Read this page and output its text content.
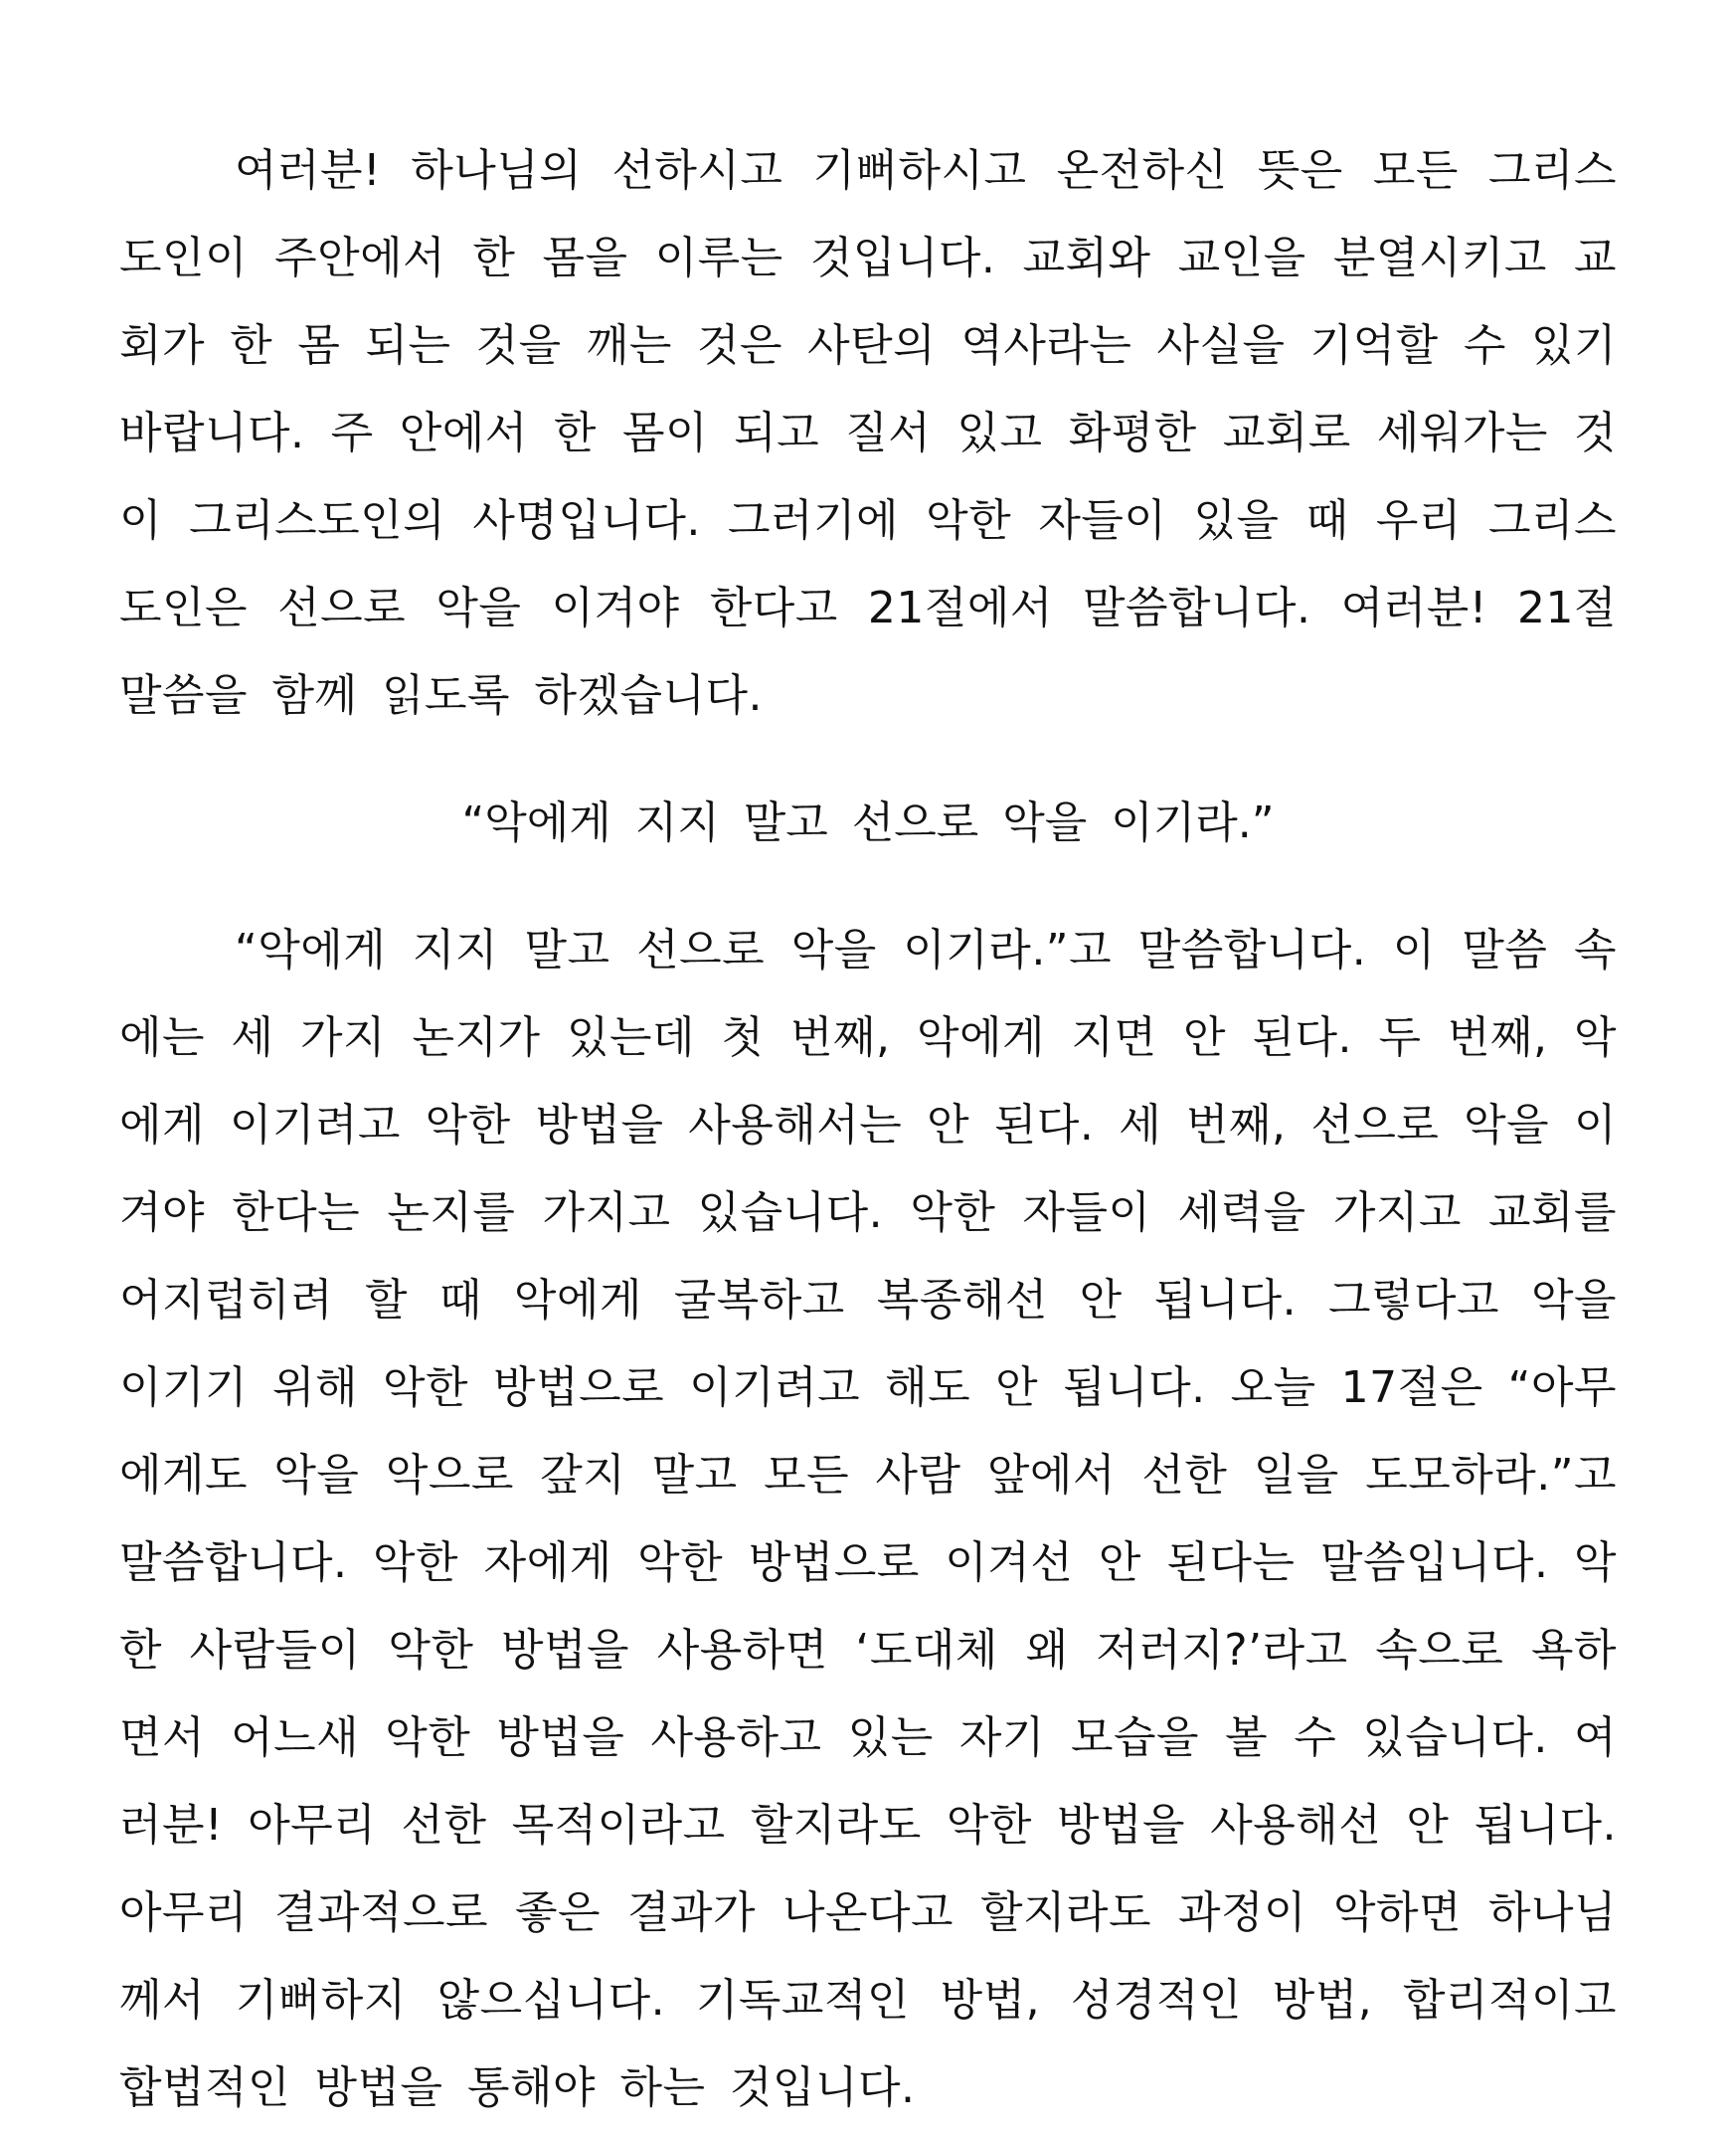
여러분! 하나님의 선하시고 기뻐하시고 온전하신 뜻은 모든 그리스도인이 주안에서 한 몸을 이루는 것입니다. 교회와 교인을 분열시키고 교회가 한 몸 되는 것을 깨는 것은 사탄의 역사라는 사실을 기억할 수 있기 바랍니다. 주 안에서 한 몸이 되고 질서 있고 화평한 교회로 세워가는 것이 그리스도인의 사명입니다. 그러기에 악한 자들이 있을 때 우리 그리스도인은 선으로 악을 이겨야 한다고 21절에서 말씀합니다. 여러분! 21절 말씀을 함께 읽도록 하겠습니다.

“악에게 지지 말고 선으로 악을 이기라.”

“악에게 지지 말고 선으로 악을 이기라.”고 말씀합니다. 이 말씀 속에는 세 가지 논지가 있는데 첫 번째, 악에게 지면 안 된다. 두 번째, 악에게 이기려고 악한 방법을 사용해서는 안 된다. 세 번째, 선으로 악을 이겨야 한다는 논지를 가지고 있습니다. 악한 자들이 세력을 가지고 교회를 어지럽히려 할 때 악에게 굴복하고 복종해선 안 됩니다. 그렇다고 악을 이기기 위해 악한 방법으로 이기려고 해도 안 됩니다. 오늘 17절은 “아무에게도 악을 악으로 갚지 말고 모든 사람 앞에서 선한 일을 도모하라.”고 말씀합니다. 악한 자에게 악한 방법으로 이겨선 안 된다는 말씀입니다. 악한 사람들이 악한 방법을 사용하면 ‘도대체 왜 저러지?’라고 속으로 욕하면서 어느새 악한 방법을 사용하고 있는 자기 모습을 볼 수 있습니다. 여러분! 아무리 선한 목적이라고 할지라도 악한 방법을 사용해선 안 됩니다. 아무리 결과적으로 좋은 결과가 나온다고 할지라도 과정이 악하면 하나님께서 기뻐하지 않으십니다. 기독교적인 방법, 성경적인 방법, 합리적이고 합법적인 방법을 통해야 하는 것입니다.
